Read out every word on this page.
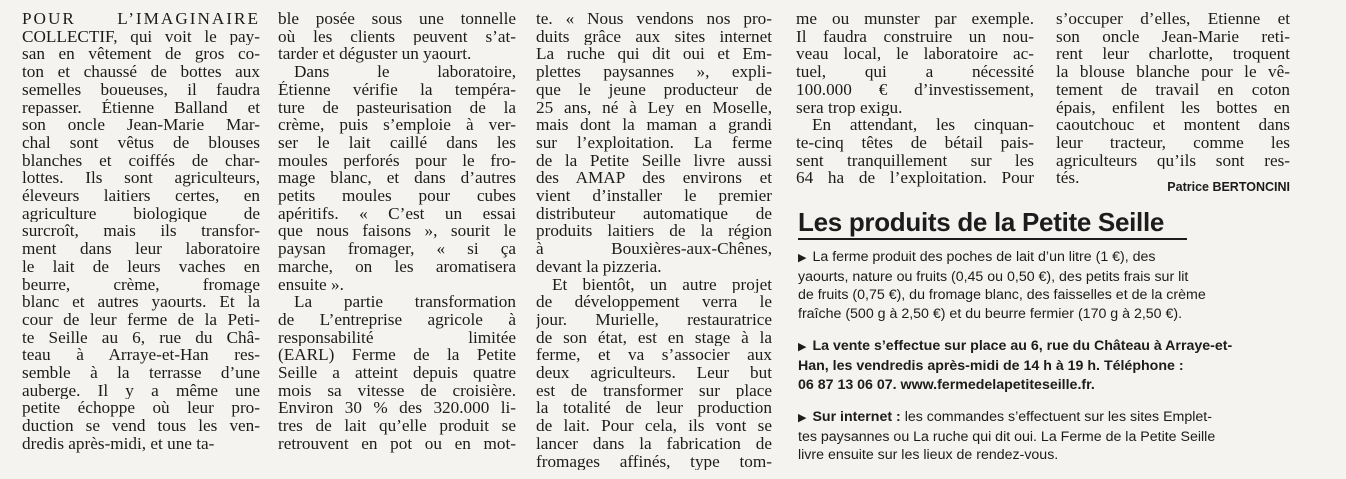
POUR L’IMAGINAIRE
COLLECTIF, qui voit le pay-
san en vêtement de gros co-
ton et chaussé de bottes aux
semelles boueuses, il faudra
repasser. Étienne Balland et
son oncle Jean-Marie Mar-
chal sont vêtus de blouses
blanches et coiffés de char-
lottes. Ils sont agriculteurs,
éleveurs laitiers certes, en
agriculture biologique de
surcroît, mais ils transfor-
ment dans leur laboratoire
le lait de leurs vaches en
beurre, crème, fromage
blanc et autres yaourts. Et la
cour de leur ferme de la Peti-
te Seille au 6, rue du Châ-
teau à Arraye-et-Han res-
semble à la terrasse d’une
auberge. Il y a même une
petite échoppe où leur pro-
duction se vend tous les ven-
dredis après-midi, et une ta-
ble posée sous une tonnelle
où les clients peuvent s’at-
tarder et déguster un yaourt.
Dans le laboratoire,
Étienne vérifie la tempéra-
ture de pasteurisation de la
crème, puis s’emploie à ver-
ser le lait caillé dans les
moules perforés pour le fro-
mage blanc, et dans d’autres
petits moules pour cubes
apéritifs. « C’est un essai
que nous faisons », sourit le
paysan fromager, « si ça
marche, on les aromatisera
ensuite ».
La partie transformation
de L’entreprise agricole à
responsabilité limitée
(EARL) Ferme de la Petite
Seille a atteint depuis quatre
mois sa vitesse de croisière.
Environ 30 % des 320.000 li-
tres de lait qu’elle produit se
retrouvent en pot ou en mot-
te. « Nous vendons nos pro-
duits grâce aux sites internet
La ruche qui dit oui et Em-
plettes paysannes », expli-
que le jeune producteur de
25 ans, né à Ley en Moselle,
mais dont la maman a grandi
sur l’exploitation. La ferme
de la Petite Seille livre aussi
des AMAP des environs et
vient d’installer le premier
distributeur automatique de
produits laitiers de la région
à Bouxières-aux-Chênes,
devant la pizzeria.
Et bientôt, un autre projet
de développement verra le
jour. Murielle, restauratrice
de son état, est en stage à la
ferme, et va s’associer aux
deux agriculteurs. Leur but
est de transformer sur place
la totalité de leur production
de lait. Pour cela, ils vont se
lancer dans la fabrication de
fromages affinés, type tom-
me ou munster par exemple.
Il faudra construire un nou-
veau local, le laboratoire ac-
tuel, qui a nécessité
100.000 € d’investissement,
sera trop exigu.
En attendant, les cinquan-
te-cinq têtes de bétail pais-
sent tranquillement sur les
64 ha de l’exploitation. Pour
s’occuper d’elles, Etienne et
son oncle Jean-Marie reti-
rent leur charlotte, troquent
la blouse blanche pour le vê-
tement de travail en coton
épais, enfilent les bottes en
caoutchouc et montent dans
leur tracteur, comme les
agriculteurs qu’ils sont res-
tés.	Patrice BERTONCINI
Les produits de la Petite Seille
▶ La ferme produit des poches de lait d’un litre (1 €), des
yaourts, nature ou fruits (0,45 ou 0,50 €), des petits frais sur lit
de fruits (0,75 €), du fromage blanc, des faisselles et de la crème
fraîche (500 g à 2,50 €) et du beurre fermier (170 g à 2,50 €).
▶ La vente s’effectue sur place au 6, rue du Château à Arraye-et-
Han, les vendredis après-midi de 14 h à 19 h. Téléphone :
06 87 13 06 07. www.fermedelapetiteseille.fr.
▶ Sur internet : les commandes s’effectuent sur les sites Emplet-
tes paysannes ou La ruche qui dit oui. La Ferme de la Petite Seille
livre ensuite sur les lieux de rendez-vous.
